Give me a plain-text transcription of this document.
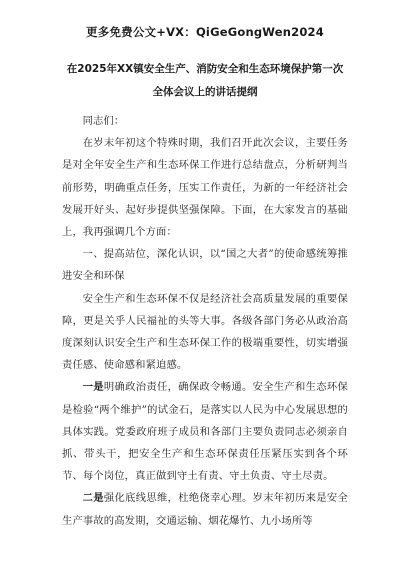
更多免费公文+VX：QiGeGongWen2024
在2025年XX镇安全生产、消防安全和生态环境保护第一次
全体会议上的讲话提纲

同志们：

在岁末年初这个特殊时期，我们召开此次会议，主要任务是对全年安全生产和生态环保工作进行总结盘点，分析研判当前形势，明确重点任务，压实工作责任，为新的一年经济社会发展开好头、起好步提供坚强保障。下面，在大家发言的基础上，我再强调几个方面：

一、提高站位，深化认识，以“国之大者”的使命感统筹推进安全和环保

安全生产和生态环保不仅是经济社会高质量发展的重要保障，更是关乎人民福祉的头等大事。各级各部门务必从政治高度深刻认识安全生产和生态环保工作的极端重要性，切实增强责任感、使命感和紧迫感。

一是明确政治责任，确保政令畅通。安全生产和生态环保是检验“两个维护”的试金石，是落实以人民为中心发展思想的具体实践。党委政府班子成员和各部门主要负责同志必须亲自抓、带头干，把安全生产和生态环保责任压紧压实到各个环节、每个岗位，真正做到守土有责、守土负责、守土尽责。

二是强化底线思维，杜绝侥幸心理。岁末年初历来是安全生产事故的高发期，交通运输、烟花爆竹、九小场所等
